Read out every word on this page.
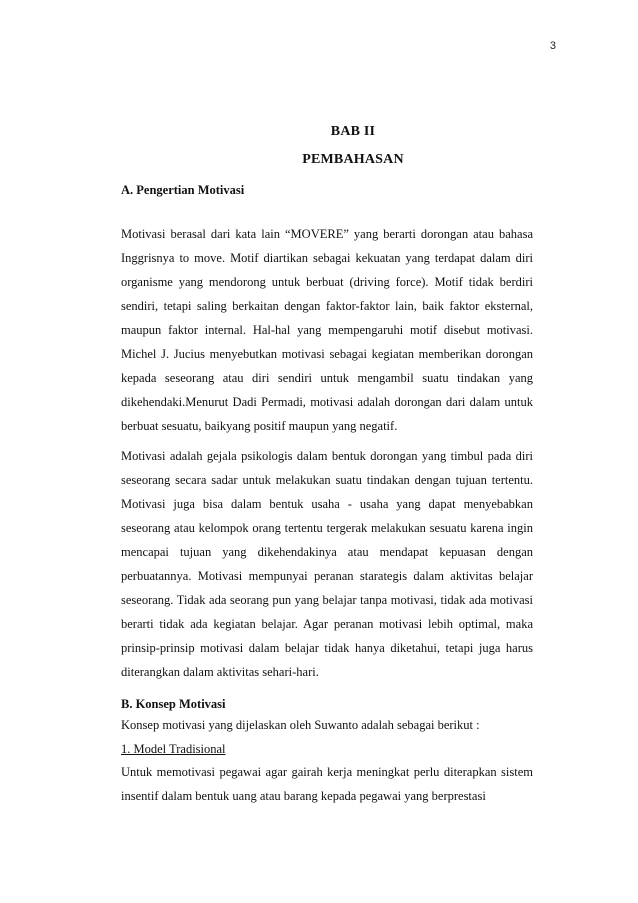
3
BAB II
PEMBAHASAN
A. Pengertian Motivasi
Motivasi berasal dari kata lain “MOVERE” yang berarti dorongan atau bahasa Inggrisnya to move. Motif diartikan sebagai kekuatan yang terdapat dalam diri organisme yang mendorong untuk berbuat (driving force). Motif tidak berdiri sendiri, tetapi saling berkaitan dengan faktor-faktor lain, baik faktor eksternal, maupun faktor internal. Hal-hal yang mempengaruhi motif disebut motivasi. Michel J. Jucius menyebutkan motivasi sebagai kegiatan memberikan dorongan kepada seseorang atau diri sendiri untuk mengambil suatu tindakan yang dikehendaki.Menurut Dadi Permadi, motivasi adalah dorongan dari dalam untuk berbuat sesuatu, baikyang positif maupun yang negatif.
Motivasi adalah gejala psikologis dalam bentuk dorongan yang timbul pada diri seseorang secara sadar untuk melakukan suatu tindakan dengan tujuan tertentu. Motivasi juga bisa dalam bentuk usaha - usaha yang dapat menyebabkan seseorang atau kelompok orang tertentu tergerak melakukan sesuatu karena ingin mencapai tujuan yang dikehendakinya atau mendapat kepuasan dengan perbuatannya. Motivasi mempunyai peranan starategis dalam aktivitas belajar seseorang. Tidak ada seorang pun yang belajar tanpa motivasi, tidak ada motivasi berarti tidak ada kegiatan belajar. Agar peranan motivasi lebih optimal, maka prinsip-prinsip motivasi dalam belajar tidak hanya diketahui, tetapi juga harus diterangkan dalam aktivitas sehari-hari.
B. Konsep Motivasi
Konsep motivasi yang dijelaskan oleh Suwanto adalah sebagai berikut :
1. Model Tradisional
Untuk memotivasi pegawai agar gairah kerja meningkat perlu diterapkan sistem insentif dalam bentuk uang atau barang kepada pegawai yang berprestasi
